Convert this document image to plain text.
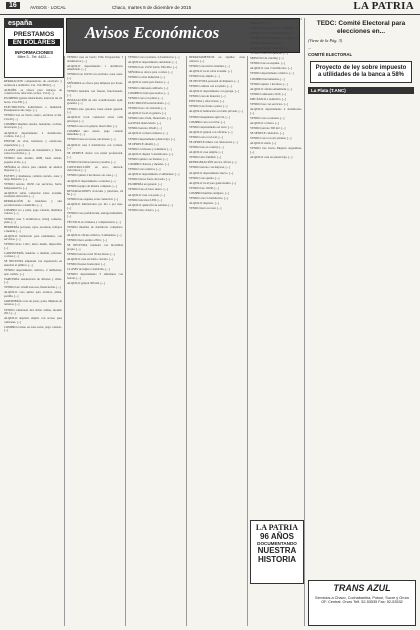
16	AVISOS · LOCAL	Chaco, martes 8 de diciembre de 2015	LA PATRIA
españa
PRESTAMOS
EN DOLARES
INFORMACIONES
Mitre 3 - Tel: 4422-...
Avisos Económicos
REPARACIÓN computadoras de escritorio y notebook a domicilio. Cel. 154-36912 [...]
ALBAÑIL se ofrece para trabajos de construcción, refacción, techos. 1514 [...]
PLOMERO gasista matriculado, atención las 24 horas. 154-339 [...]
ELECTRICISTA domiciliario e industrial. Presupuestos sin cargo. [...]
VENDO lote en barrio centro, escritura al día. 154-20 [...]
COMPRO muebles usados, heladeras, cocinas, lavarropas. [...]
ALQUILO departamento 2 dormitorios, cochera. Cel. [...]
PINTOR de obra, interiores y exteriores, experiencia. [...]
CLASES particulares de matemática y física, todos los niveles. [...]
VENDO auto modelo 2008, buen estado, papeles al día. [...]
SEÑORA se ofrece para cuidado de adultos mayores. [...]
FLETES y mudanzas, camión cerrado, zona y larga distancia. [...]
VENDO terreno 10x30 con servicios, barrio Independencia. [...]
ALQUILO salón comercial sobre avenida, excelente ubicación. [...]
REPARACIÓN de heladeras y aire acondicionado a domicilio. [...]
COMPRO oro y plata, pago contado, máximos valores. [...]
VENDO casa 3 dormitorios, living comedor, patio. [...]
HERRERÍA portones, rejas, escaleras, trabajos a medida. [...]
ALQUILO habitación para estudiantes, con servicios. [...]
VENDO moto 110cc, único dueño, impecable. [...]
CARPINTERÍA muebles a medida, placares, cocinas. [...]
SE NECESITA empleada con experiencia en atención al público. [...]
VENDO departamento céntrico, 2 ambientes, apto crédito. [...]
TAPICERÍA restauración de sillones y sillas. [...]
VENDO lote 12x40 zona sur, financiación. [...]
ALQUILO casa quinta para eventos, pileta, parrilla. [...]
JARDINERÍA corte de pasto, poda, limpieza de terrenos. [...]
VENDO camioneta 4x4 doble cabina, modelo 2011. [...]
ALQUILO depósito amplio con acceso para camiones. [...]
COMPRO terreno en zona norte, pago contado. [...]
VENDO casa en barrio Villa Prosperidad, 3 dormitorios. [...]
ALQUILO departamento 1 dormitorio amueblado. [...]
VENDO lote 10x50 con escritura, zona oeste. [...]
SEÑORITA se ofrece para limpieza por horas. [...]
VENDO heladera con freezer, funcionando. [...]
INSTALACIÓN de aire acondicionado split, garantía. [...]
VENDO auto gasolero, buen estado general. [...]
ALQUILO local comercial sobre calle principal. [...]
VENDO casa con galpón, ideal taller. [...]
COMPRO auto usado, pago contado inmediato. [...]
VENDO lotes en cuotas, sin interés. [...]
ALQUILO casa 2 dormitorios con cochera. [...]
SE OFRECE chofer con carnet profesional. [...]
VENDO bicicletas nuevas y usadas. [...]
CONSTRUCCIÓN en seco, durlock, cielorrasos. [...]
VENDO quinta 2 hectáreas con casa. [...]
ALQUILO departamento a estrenar. [...]
VENDO equipo de música completo. [...]
DESTAPACIONES cloacales y pluviales, 24 hs. [...]
VENDO lote esquina, zona comercial. [...]
ALQUILO habitaciones por día o por mes. [...]
VENDO casa prefabricada, entrega inmediata. [...]
TÉCNICO en celulares y computadoras. [...]
VENDO muebles de dormitorio completos. [...]
ALQUILO oficina céntrica, 3 ambientes. [...]
VENDO moto enduro 250cc. [...]
SE NECESITA vendedor con movilidad propia. [...]
VENDO terreno rural 50 hectáreas. [...]
ALQUILO casa en barrio cerrado. [...]
VENDO freezer horizontal. [...]
CLASES de inglés a domicilio. [...]
VENDO departamento 3 ambientes con balcón. [...]
ALQUILO galpón 300 m2. [...]
VENDO casa 2 plantas, 4 dormitorios. [...]
ALQUILO departamento amoblado. [...]
VENDO lote 15x35 barrio Villa Río. [...]
SEÑORA se ofrece para cocinar. [...]
VENDO cocina industrial. [...]
ALQUILO salón para fiestas. [...]
VENDO camioneta utilitaria. [...]
COMPRO lavarropas usados. [...]
VENDO casa con pileta. [...]
ELECTRICISTA matriculado. [...]
VENDO lote con vivienda. [...]
ALQUILO local en galería. [...]
VENDO auto 0 km, financiado. [...]
GASISTA matriculado. [...]
VENDO terreno 20x40. [...]
ALQUILO cochera cubierta. [...]
VENDO departamento planta baja. [...]
SE OFRECE albañil. [...]
VENDO colchones y sommiers. [...]
ALQUILO duplex 3 dormitorios. [...]
VENDO quinta con frutales. [...]
COMPRO chatarra y metales. [...]
VENDO casa céntrica. [...]
ALQUILO departamento 2 ambientes. [...]
VENDO motor fuera de borda. [...]
PLOMERÍA en general. [...]
VENDO lote en loteo nuevo. [...]
ALQUILO casa con patio. [...]
VENDO televisor LED. [...]
ALQUILO quinta fin de semana. [...]
VENDO auto clásico. [...]
DEPARTAMENTOS en alquiler, zona céntrica. [...]
VENDO casa barrio Güemes. [...]
ALQUILO local sobre avenida. [...]
VENDO lote amplio. [...]
SE NECESITA personal de limpieza. [...]
VENDO camión con acoplado. [...]
ALQUILO departamento con garage. [...]
VENDO casa de material. [...]
PINTURA y refacciones. [...]
VENDO lote frente a plaza. [...]
ALQUILO habitación con baño privado. [...]
VENDO maquinaria agrícola. [...]
COMPRO casa a reciclar. [...]
VENDO departamento en torre. [...]
ALQUILO galpón con oficinas. [...]
VENDO casa con local. [...]
SE OFRECE niñera con referencias. [...]
VENDO lote en country. [...]
ALQUILO casa amplia. [...]
VENDO auto familiar. [...]
REFRIGERACIÓN service oficial. [...]
VENDO terreno con mejoras. [...]
ALQUILO departamento nuevo. [...]
VENDO casa quinta. [...]
ALQUILO local para gastronomía. [...]
VENDO lote 10x30. [...]
COMPRO muebles antiguos. [...]
VENDO casa 3 dormitorios. [...]
ALQUILO depósito. [...]
VENDO moto scooter. [...]
VENDO casa, barrio Sarmiento, 2 dormitorios. [...]
ALQUILO departamento 1 ambiente. [...]
VENDO lote 12x30 escriturado. [...]
SE NECESITA ayudante de cocina. [...]
VENDO auto utilitario. [...]
ALQUILO local comercial. [...]
VENDO casa con quincho. [...]
SERVICIO de catering. [...]
VENDO lote en esquina. [...]
ALQUILO casa 3 dormitorios. [...]
VENDO departamento céntrico. [...]
COMPRO herramientas. [...]
VENDO quinta 1 hectárea. [...]
ALQUILO oficina amueblada. [...]
VENDO camioneta 2010. [...]
MECÁNICO a domicilio. [...]
VENDO lote con servicios. [...]
ALQUILO departamento 2 dormitorios. [...]
VENDO casa a estrenar. [...]
ALQUILO cochera. [...]
VENDO terreno 300 m2. [...]
SE OFRECE cuidadora. [...]
VENDO casa con dos plantas. [...]
ALQUILO salón. [...]
VENDO lote barrio Mujeres Argentinas. [...]
ALQUILO casa en planta baja. [...]
LA PATRIA
96 AÑOS
DOCUMENTANDO
NUESTRA
HISTORIA
TEDC: Comité Electoral para elecciones en...

(Viene de la Pág. 3)

...

COMITÉ ELECTORAL

Proyecto de ley sobre impuesto a utilidades de la banca a 58%
La Plata (T.ANC)
TRANS AZUL
Servicios a Chaco, Cochabamba, Potosí, Sucre y Oruro
OF. Central: Oruro Telf. 52-53535 Fax: 52-53532
